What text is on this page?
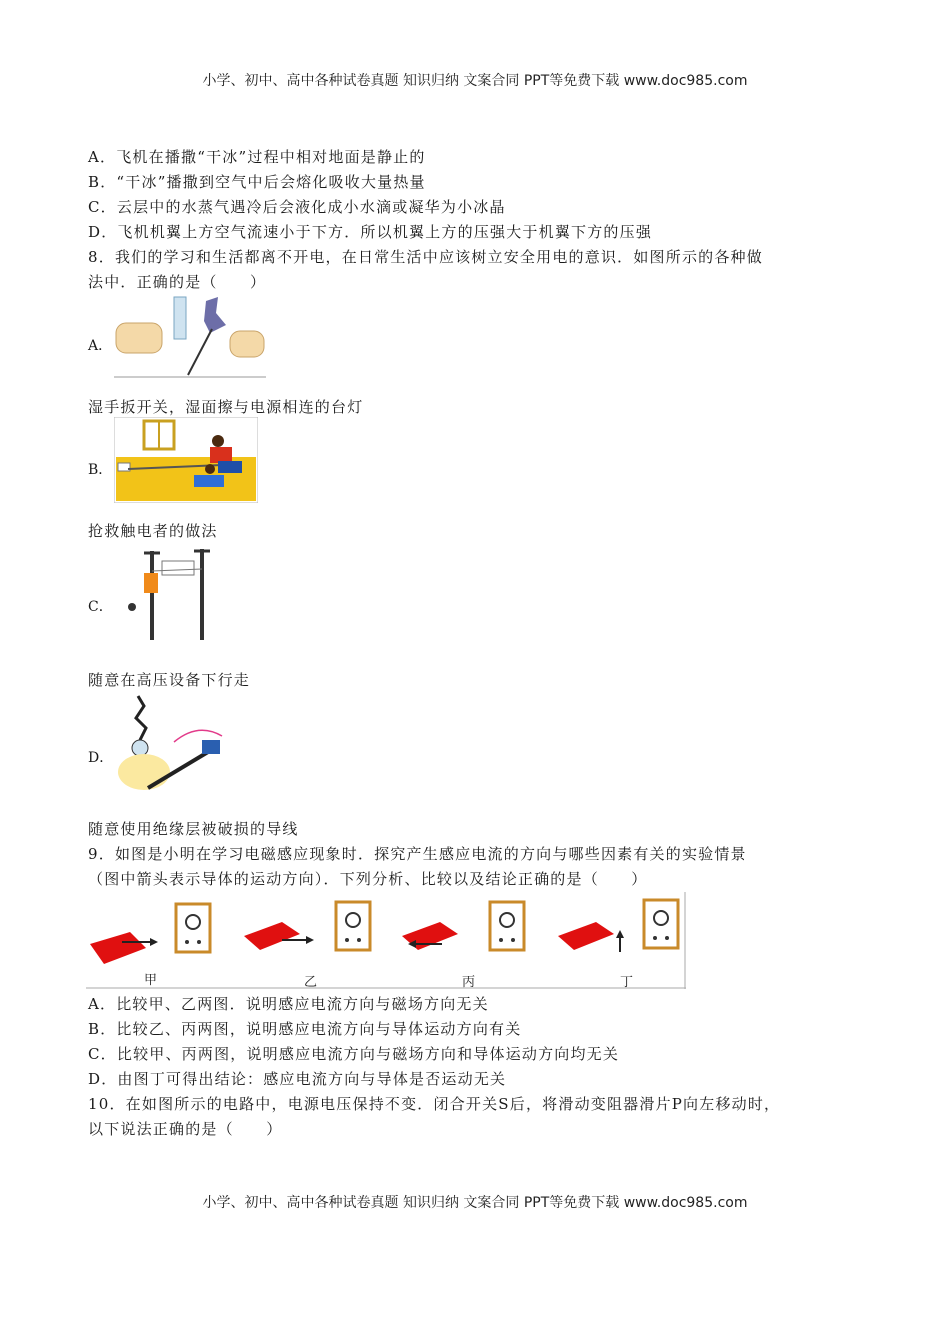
小学、初中、高中各种试卷真题 知识归纳 文案合同 PPT等免费下载 www.doc985.com
A．飞机在播撒“干冰”过程中相对地面是静止的
B．“干冰”播撒到空气中后会熔化吸收大量热量
C．云层中的水蒸气遇冷后会液化成小水滴或凝华为小冰晶
D．飞机机翼上方空气流速小于下方．所以机翼上方的压强大于机翼下方的压强
8．我们的学习和生活都离不开电，在日常生活中应该树立安全用电的意识．如图所示的各种做
法中．正确的是（　　）
A．
湿手扳开关，湿面擦与电源相连的台灯
B．
抢救触电者的做法
C．
随意在高压设备下行走
D．
随意使用绝缘层被破损的导线
9．如图是小明在学习电磁感应现象时．探究产生感应电流的方向与哪些因素有关的实验情景
（图中箭头表示导体的运动方向）．下列分析、比较以及结论正确的是（　　）
甲	乙	丙	丁
A．比较甲、乙两图．说明感应电流方向与磁场方向无关
B．比较乙、丙两图，说明感应电流方向与导体运动方向有关
C．比较甲、丙两图，说明感应电流方向与磁场方向和导体运动方向均无关
D．由图丁可得出结论：感应电流方向与导体是否运动无关
10．在如图所示的电路中，电源电压保持不变．闭合开关S后，将滑动变阻器滑片P向左移动时，
以下说法正确的是（　　）
小学、初中、高中各种试卷真题 知识归纳 文案合同 PPT等免费下载 www.doc985.com
